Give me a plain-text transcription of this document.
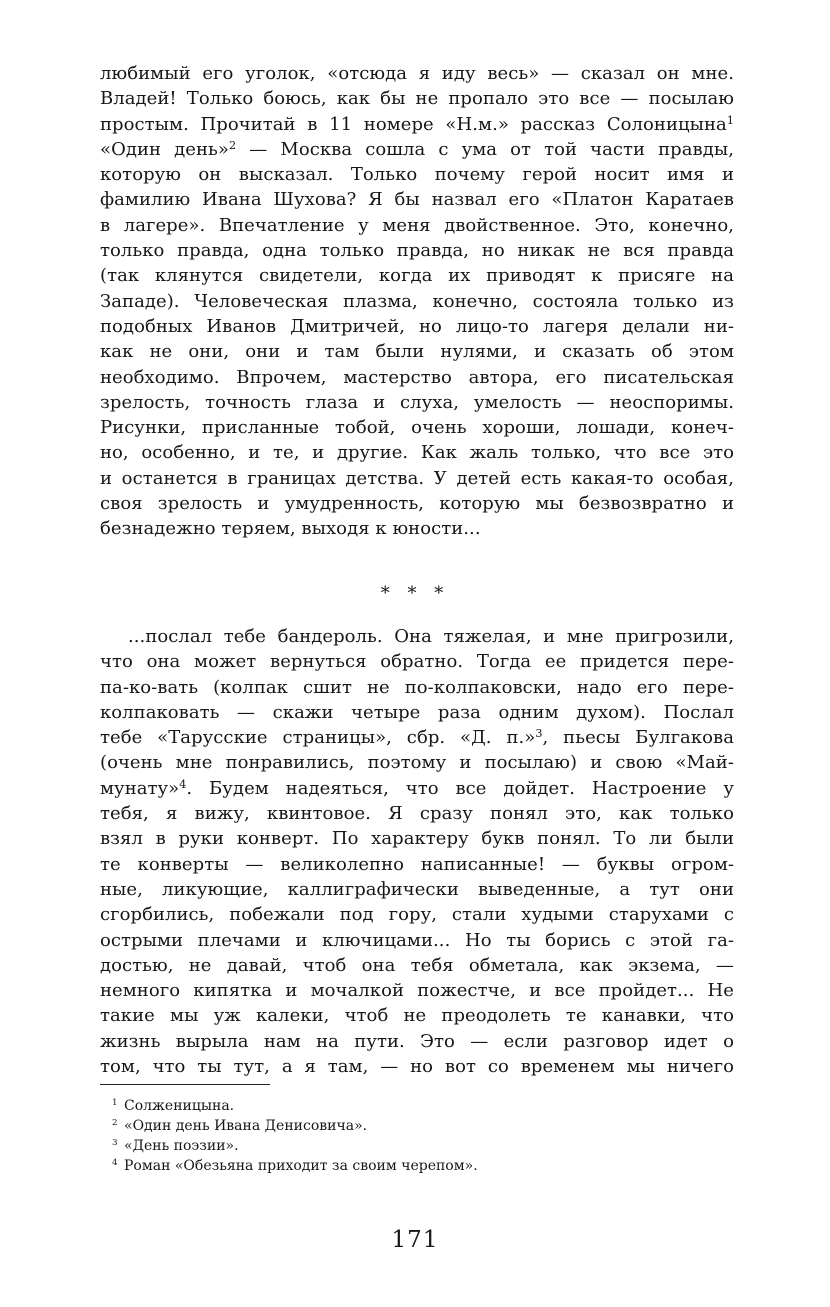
любимый его уголок, «отсюда я иду весь» — сказал он мне.
Владей! Только боюсь, как бы не пропало это все — посылаю
простым. Прочитай в 11 номере «Н.м.» рассказ Солоницына$^1$
«Один день»$^2$ — Москва сошла с ума от той части правды,
которую он высказал. Только почему герой носит имя и
фамилию Ивана Шухова? Я бы назвал его «Платон Каратаев
в лагере». Впечатление у меня двойственное. Это, конечно,
только правда, одна только правда, но никак не вся правда
(так клянутся свидетели, когда их приводят к присяге на
Западе). Человеческая плазма, конечно, состояла только из
подобных Иванов Дмитричей, но лицо-то лагеря делали ни-
как не они, они и там были нулями, и сказать об этом
необходимо. Впрочем, мастерство автора, его писательская
зрелость, точность глаза и слуха, умелость — неоспоримы.
Рисунки, присланные тобой, очень хороши, лошади, конеч-
но, особенно, и те, и другие. Как жаль только, что все это
и останется в границах детства. У детей есть какая-то особая,
своя зрелость и умудренность, которую мы безвозвратно и
безнадежно теряем, выходя к юности...
* * *
...послал тебе бандероль. Она тяжелая, и мне пригрозили,
что она может вернуться обратно. Тогда ее придется пере-
па-ко-вать (колпак сшит не по-колпаковски, надо его пере-
колпаковать — скажи четыре раза одним духом). Послал
тебе «Тарусские страницы», сбр. «Д. п.»$^3$, пьесы Булгакова
(очень мне понравились, поэтому и посылаю) и свою «Май-
мунату»$^4$. Будем надеяться, что все дойдет. Настроение у
тебя, я вижу, квинтовое. Я сразу понял это, как только
взял в руки конверт. По характеру букв понял. То ли были
те конверты — великолепно написанные! — буквы огром-
ные, ликующие, каллиграфически выведенные, а тут они
сгорбились, побежали под гору, стали худыми старухами с
острыми плечами и ключицами... Но ты борись с этой га-
достью, не давай, чтоб она тебя обметала, как экзема, —
немного кипятка и мочалкой пожестче, и все пройдет... Не
такие мы уж калеки, чтоб не преодолеть те канавки, что
жизнь вырыла нам на пути. Это — если разговор идет о
том, что ты тут, а я там, — но вот со временем мы ничего
$^1$ Солженицына.
$^2$ «Один день Ивана Денисовича».
$^3$ «День поэзии».
$^4$ Роман «Обезьяна приходит за своим черепом».
171
